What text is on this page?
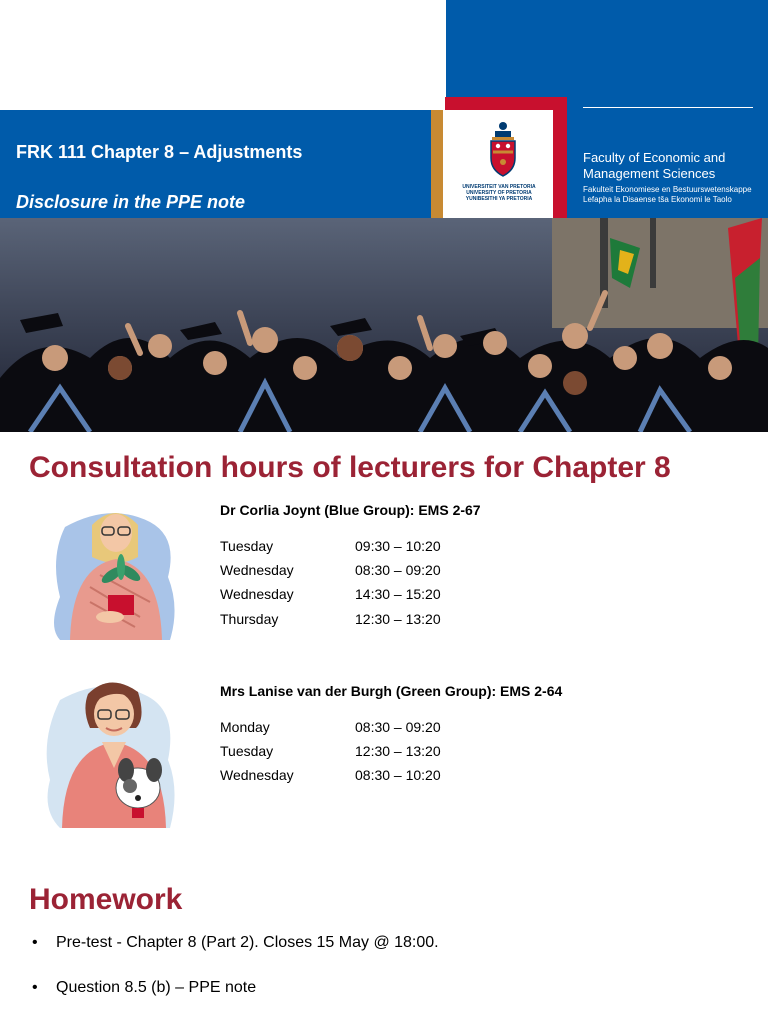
Faculty of Economic and
Management Sciences
Fakulteit Ekonomiese en Bestuurswetenskappe
Lefapha la Disaense tša Ekonomi le Taolo
FRK 111 Chapter 8 – Adjustments
Disclosure in the PPE note
UNIVERSITEIT VAN PRETORIA
UNIVERSITY OF PRETORIA
YUNIBESITHI YA PRETORIA
Consultation hours of lecturers for Chapter 8
Dr Corlia Joynt (Blue Group): EMS 2-67
Tuesday	09:30 – 10:20
Wednesday	08:30 – 09:20
Wednesday	14:30 – 15:20
Thursday	12:30 – 13:20
Mrs Lanise van der Burgh (Green Group): EMS 2-64
Monday	08:30 – 09:20
Tuesday	12:30 – 13:20
Wednesday	08:30 – 10:20
Homework
• Pre-test - Chapter 8 (Part 2). Closes 15 May @ 18:00.
• Question 8.5 (b) – PPE note
